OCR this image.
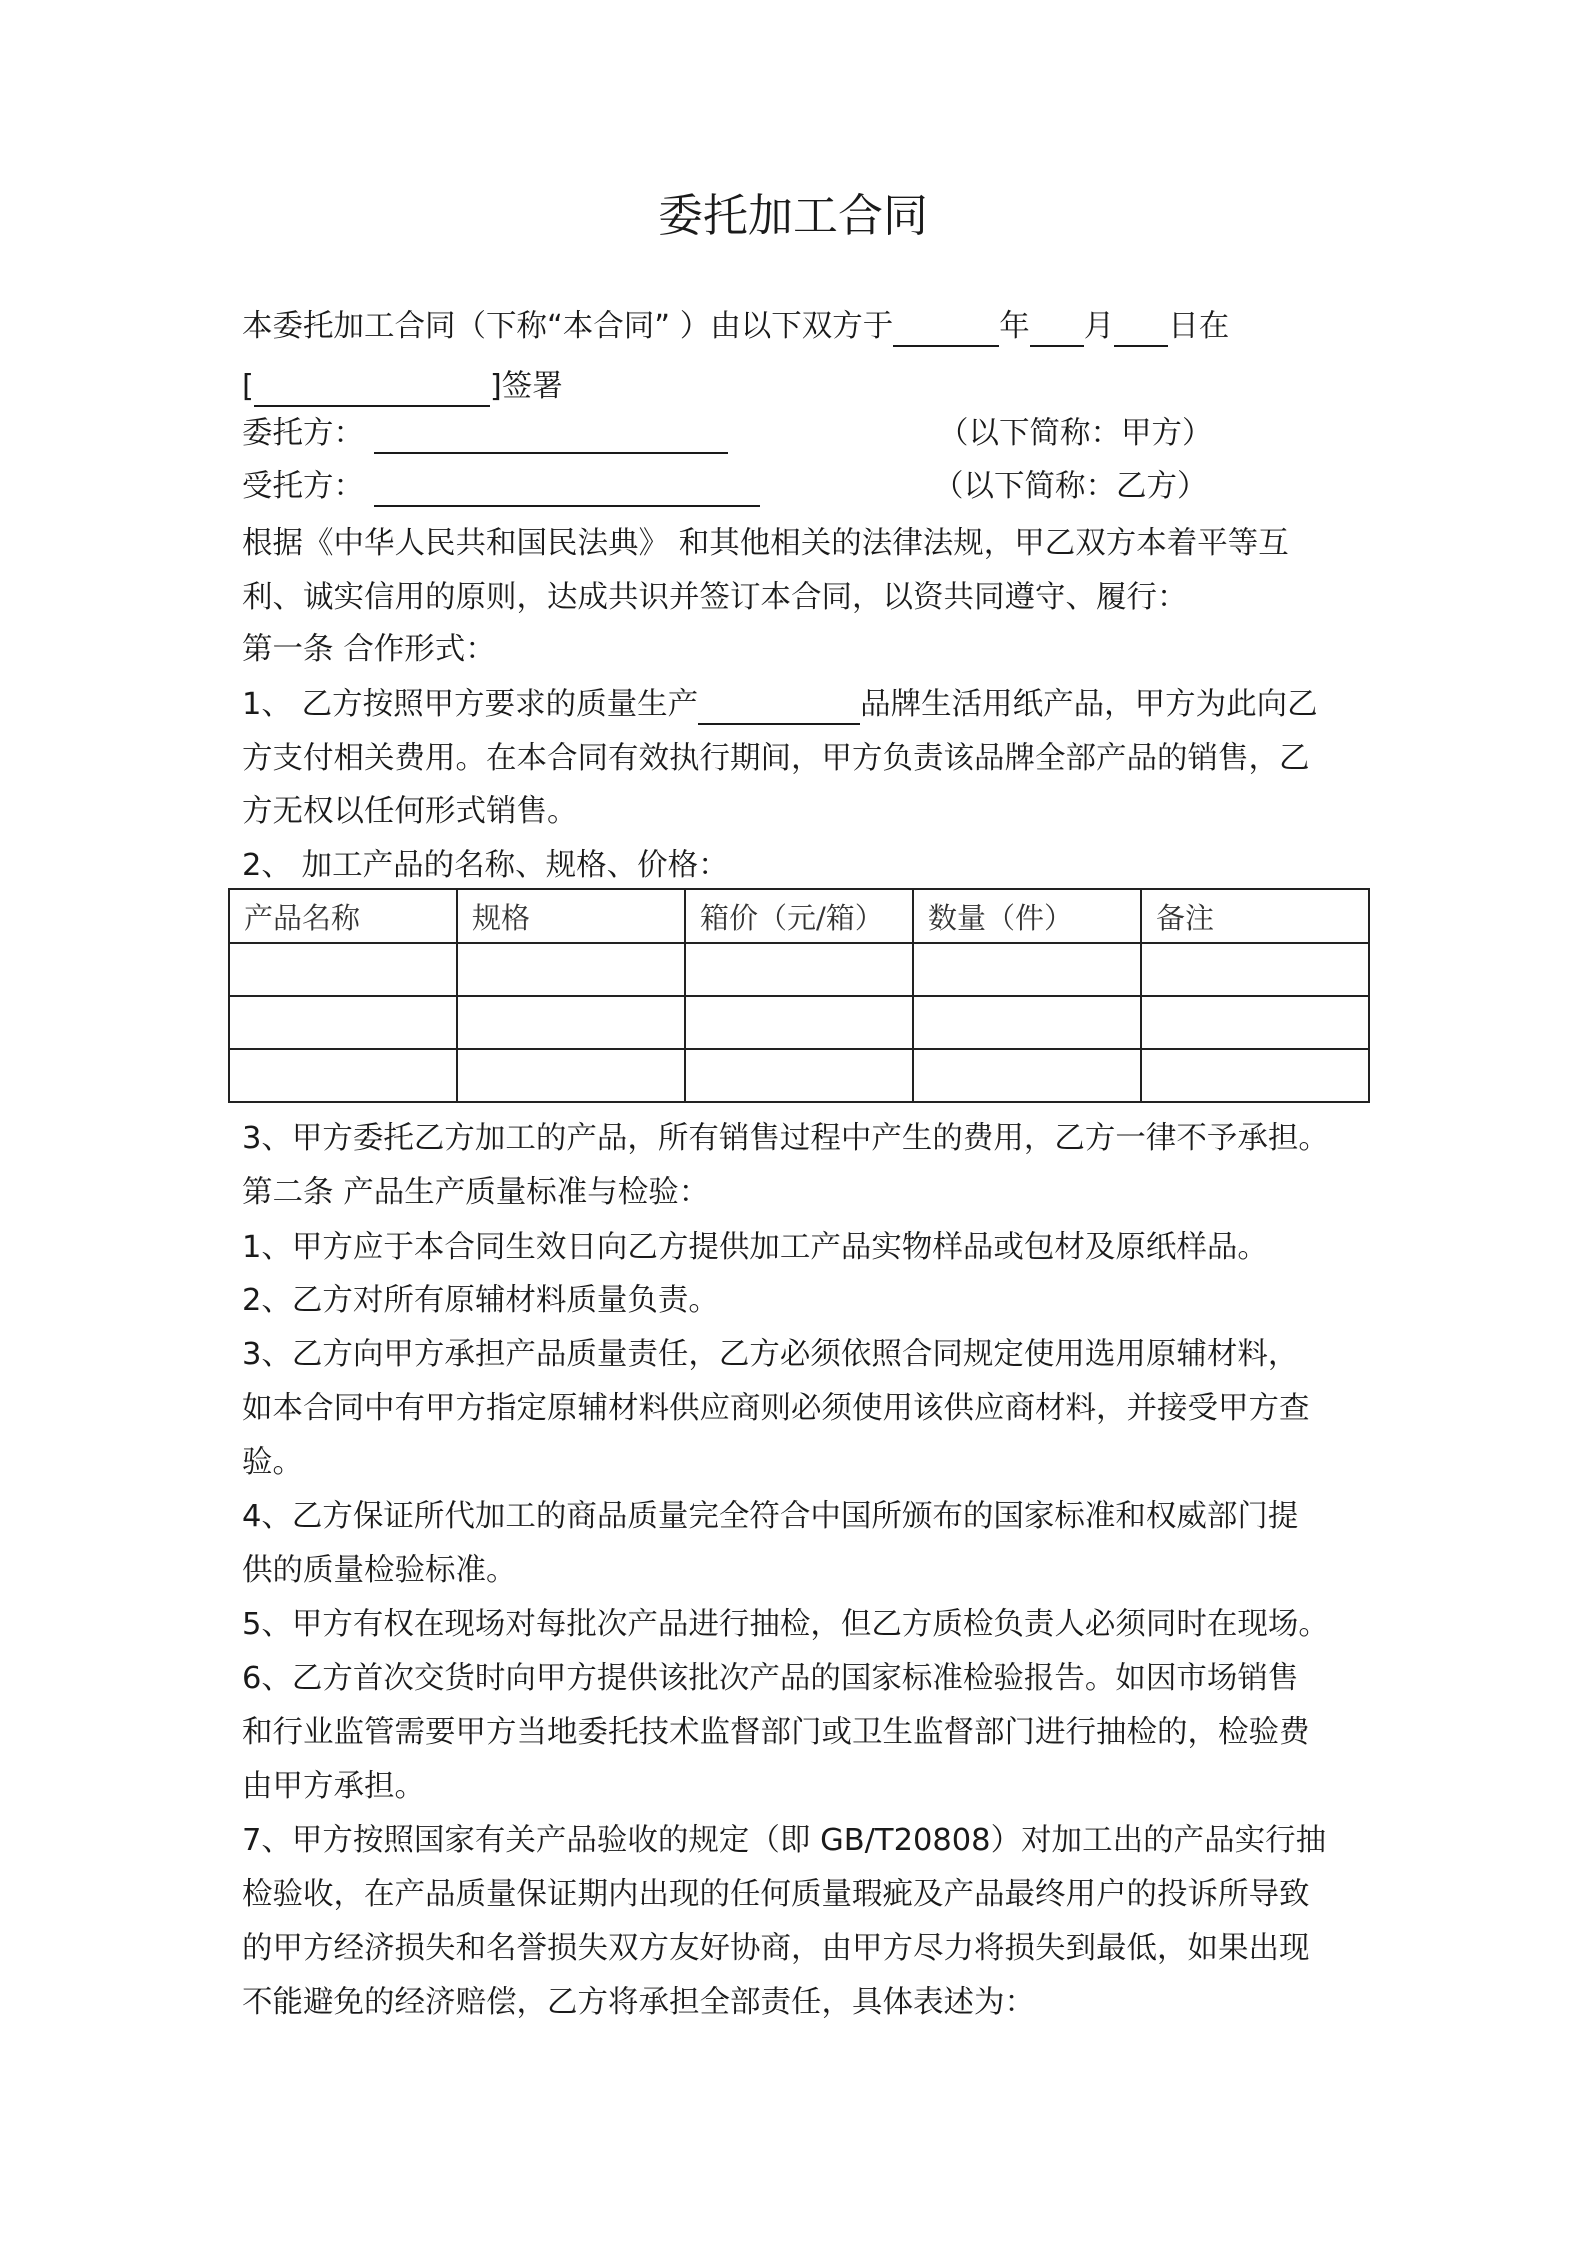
委托加工合同
本委托加工合同（下称“本合同” ）由以下双方于	年 月 日在
[	]签署
委托方：	（以下简称：甲方）
受托方：	（以下简称：乙方）
根据《中华人民共和国民法典》 和其他相关的法律法规，甲乙双方本着平等互
利、诚实信用的原则，达成共识并签订本合同，以资共同遵守、履行：
第一条 合作形式：
1、 乙方按照甲方要求的质量生产	品牌生活用纸产品，甲方为此向乙
方支付相关费用。在本合同有效执行期间，甲方负责该品牌全部产品的销售，乙
方无权以任何形式销售。
2、 加工产品的名称、规格、价格：
产品名称	规格	箱价（元/箱）	数量（件）	备注

3、甲方委托乙方加工的产品，所有销售过程中产生的费用，乙方一律不予承担。
第二条 产品生产质量标准与检验：
1、甲方应于本合同生效日向乙方提供加工产品实物样品或包材及原纸样品。
2、乙方对所有原辅材料质量负责。
3、乙方向甲方承担产品质量责任，乙方必须依照合同规定使用选用原辅材料，
如本合同中有甲方指定原辅材料供应商则必须使用该供应商材料，并接受甲方查
验。
4、乙方保证所代加工的商品质量完全符合中国所颁布的国家标准和权威部门提
供的质量检验标准。
5、甲方有权在现场对每批次产品进行抽检，但乙方质检负责人必须同时在现场。
6、乙方首次交货时向甲方提供该批次产品的国家标准检验报告。如因市场销售
和行业监管需要甲方当地委托技术监督部门或卫生监督部门进行抽检的，检验费
由甲方承担。
7、甲方按照国家有关产品验收的规定（即 GB/T20808）对加工出的产品实行抽
检验收，在产品质量保证期内出现的任何质量瑕疵及产品最终用户的投诉所导致
的甲方经济损失和名誉损失双方友好协商，由甲方尽力将损失到最低，如果出现
不能避免的经济赔偿，乙方将承担全部责任，具体表述为：
